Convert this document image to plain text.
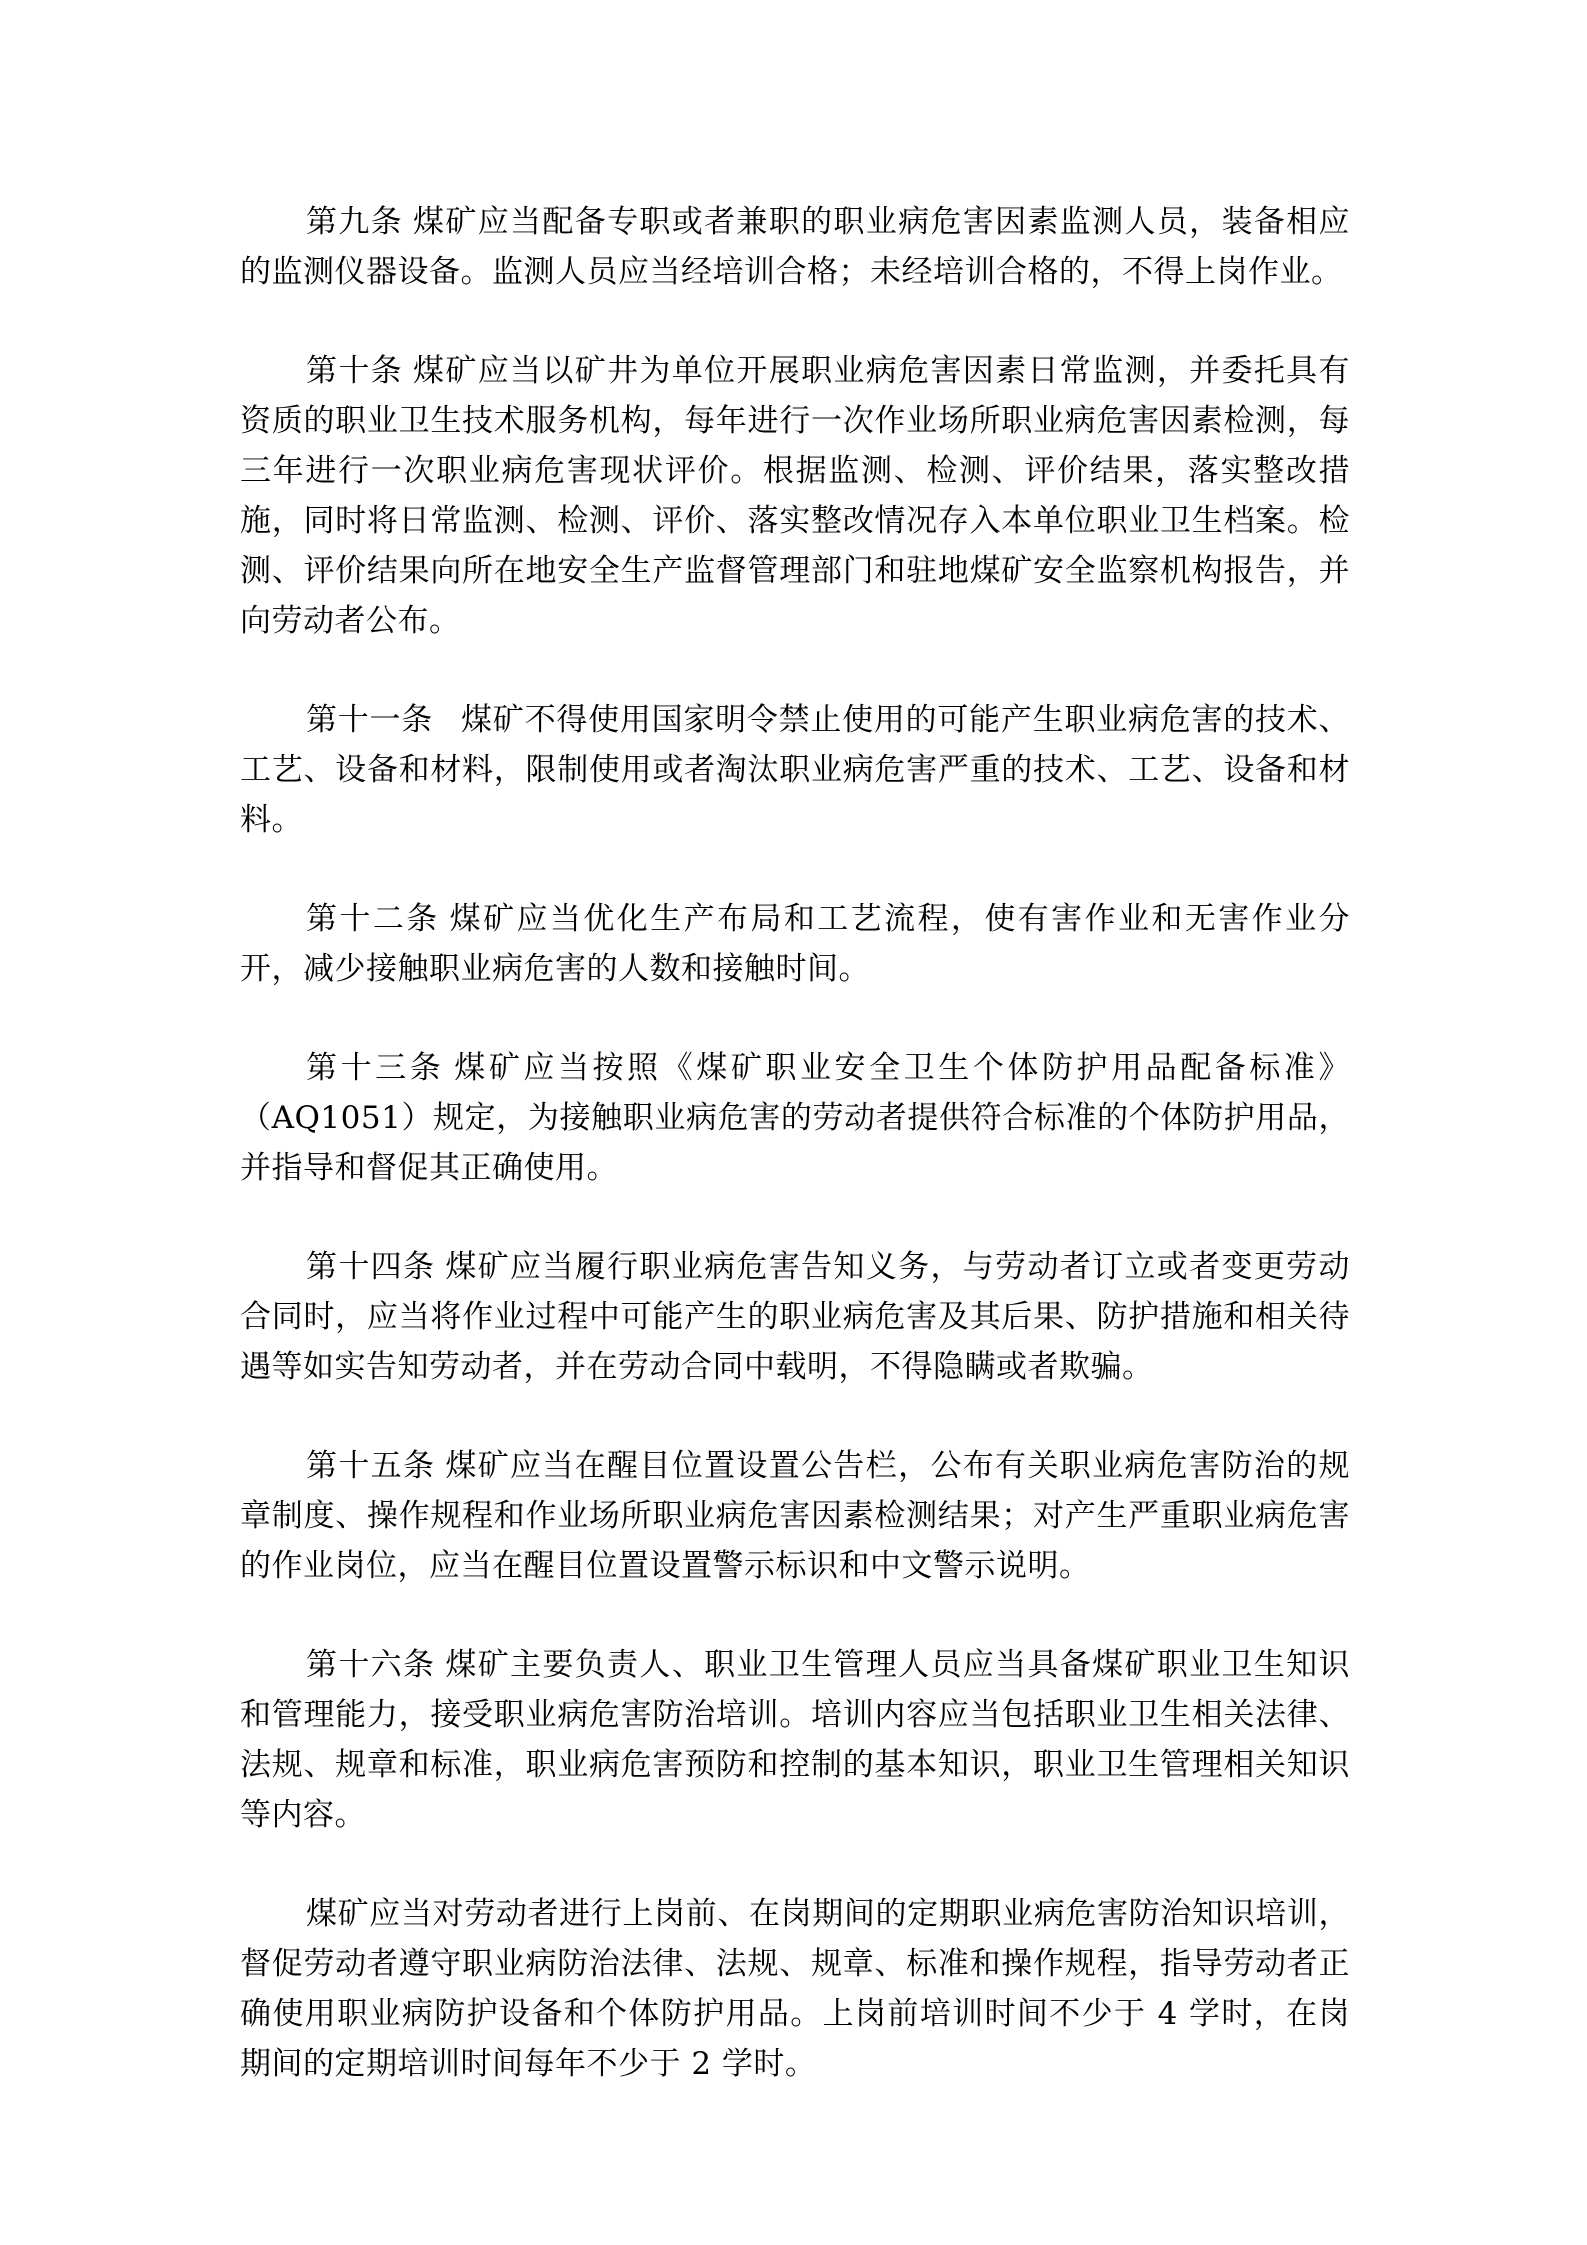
第九条 煤矿应当配备专职或者兼职的职业病危害因素监测人员，装备相应的监测仪器设备。监测人员应当经培训合格；未经培训合格的，不得上岗作业。

第十条 煤矿应当以矿井为单位开展职业病危害因素日常监测，并委托具有资质的职业卫生技术服务机构，每年进行一次作业场所职业病危害因素检测，每三年进行一次职业病危害现状评价。根据监测、检测、评价结果，落实整改措施，同时将日常监测、检测、评价、落实整改情况存入本单位职业卫生档案。检测、评价结果向所在地安全生产监督管理部门和驻地煤矿安全监察机构报告，并向劳动者公布。

第十一条 煤矿不得使用国家明令禁止使用的可能产生职业病危害的技术、工艺、设备和材料，限制使用或者淘汰职业病危害严重的技术、工艺、设备和材料。

第十二条 煤矿应当优化生产布局和工艺流程，使有害作业和无害作业分开，减少接触职业病危害的人数和接触时间。

第十三条 煤矿应当按照《煤矿职业安全卫生个体防护用品配备标准》（AQ1051）规定，为接触职业病危害的劳动者提供符合标准的个体防护用品，并指导和督促其正确使用。

第十四条 煤矿应当履行职业病危害告知义务，与劳动者订立或者变更劳动合同时，应当将作业过程中可能产生的职业病危害及其后果、防护措施和相关待遇等如实告知劳动者，并在劳动合同中载明，不得隐瞒或者欺骗。

第十五条 煤矿应当在醒目位置设置公告栏，公布有关职业病危害防治的规章制度、操作规程和作业场所职业病危害因素检测结果；对产生严重职业病危害的作业岗位，应当在醒目位置设置警示标识和中文警示说明。

第十六条 煤矿主要负责人、职业卫生管理人员应当具备煤矿职业卫生知识和管理能力，接受职业病危害防治培训。培训内容应当包括职业卫生相关法律、法规、规章和标准，职业病危害预防和控制的基本知识，职业卫生管理相关知识等内容。

煤矿应当对劳动者进行上岗前、在岗期间的定期职业病危害防治知识培训，督促劳动者遵守职业病防治法律、法规、规章、标准和操作规程，指导劳动者正确使用职业病防护设备和个体防护用品。上岗前培训时间不少于 4 学时，在岗期间的定期培训时间每年不少于 2 学时。
